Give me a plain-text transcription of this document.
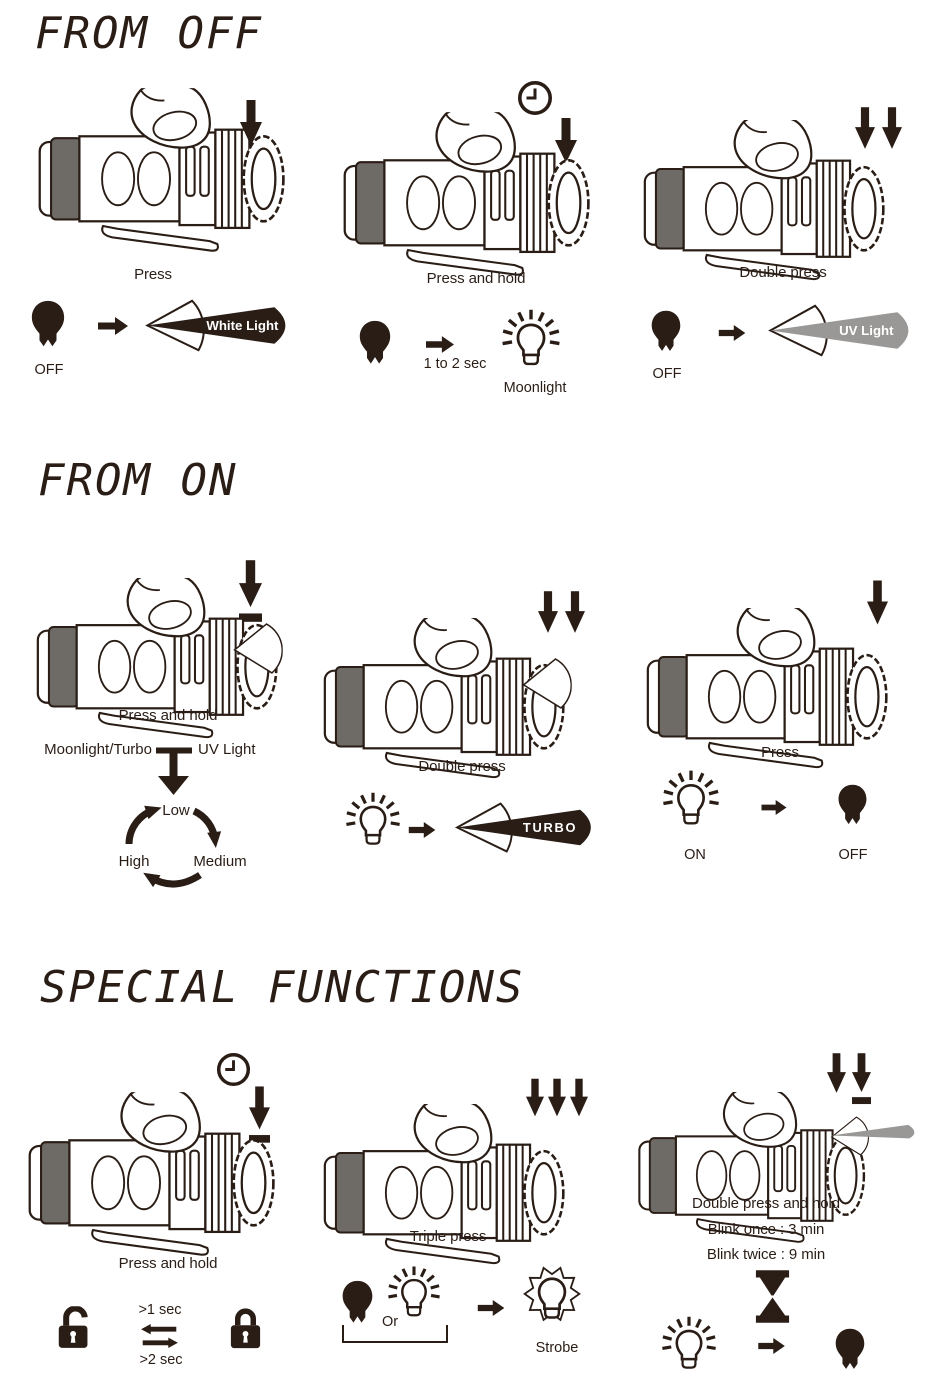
FROM OFF
Press
OFF
White Light
Press and hold
1 to 2 sec
Moonlight
Double press
OFF
UV Light
FROM ON
Press and hold
Moonlight/Turbo	UV Light
Low
Medium
High
Double press
TURBO
Press
ON	OFF
SPECIAL FUNCTIONS
Press and hold
>1 sec
>2 sec
Triple press
Or
Strobe
Double press and hold
Blink once : 3 min
Blink twice : 9 min
